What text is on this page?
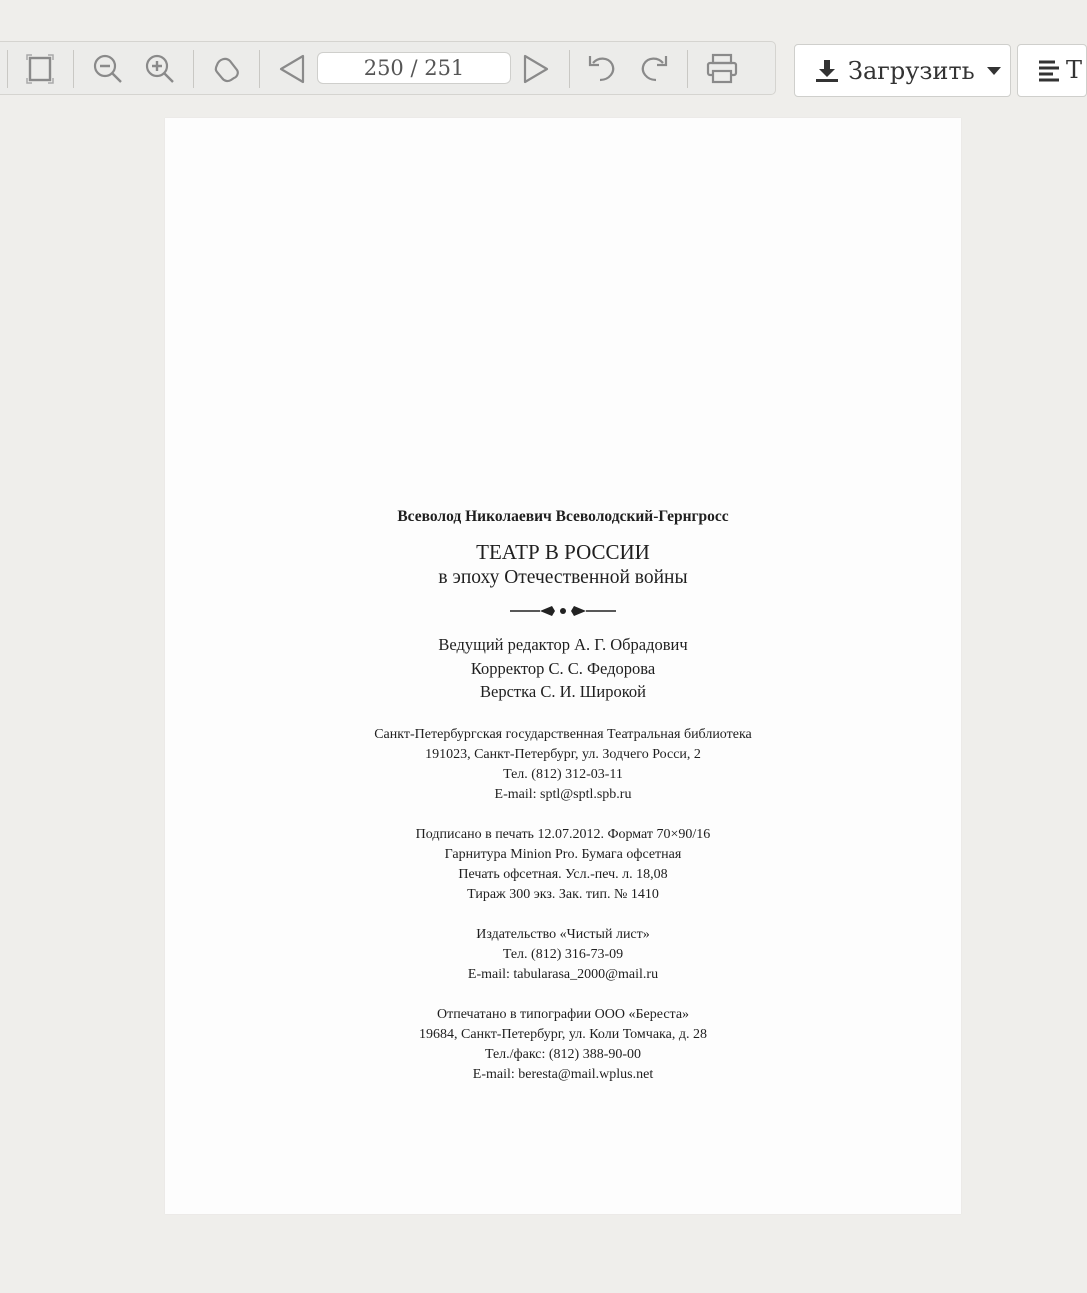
250 / 251
Загрузить	Т
Всеволод Николаевич Всеволодский-Гернгросс
ТЕАТР В РОССИИ
в эпоху Отечественной войны
Ведущий редактор А. Г. Обрадович
Корректор С. С. Федорова
Верстка С. И. Широкой
Санкт-Петербургская государственная Театральная библиотека
191023, Санкт-Петербург, ул. Зодчего Росси, 2
Тел. (812) 312-03-11
E-mail: sptl@sptl.spb.ru
Подписано в печать 12.07.2012. Формат 70×90/16
Гарнитура Minion Pro. Бумага офсетная
Печать офсетная. Усл.-печ. л. 18,08
Тираж 300 экз. Зак. тип. № 1410
Издательство «Чистый лист»
Тел. (812) 316-73-09
E-mail: tabularasa_2000@mail.ru
Отпечатано в типографии ООО «Береста»
19684, Санкт-Петербург, ул. Коли Томчака, д. 28
Тел./факс: (812) 388-90-00
E-mail: beresta@mail.wplus.net
